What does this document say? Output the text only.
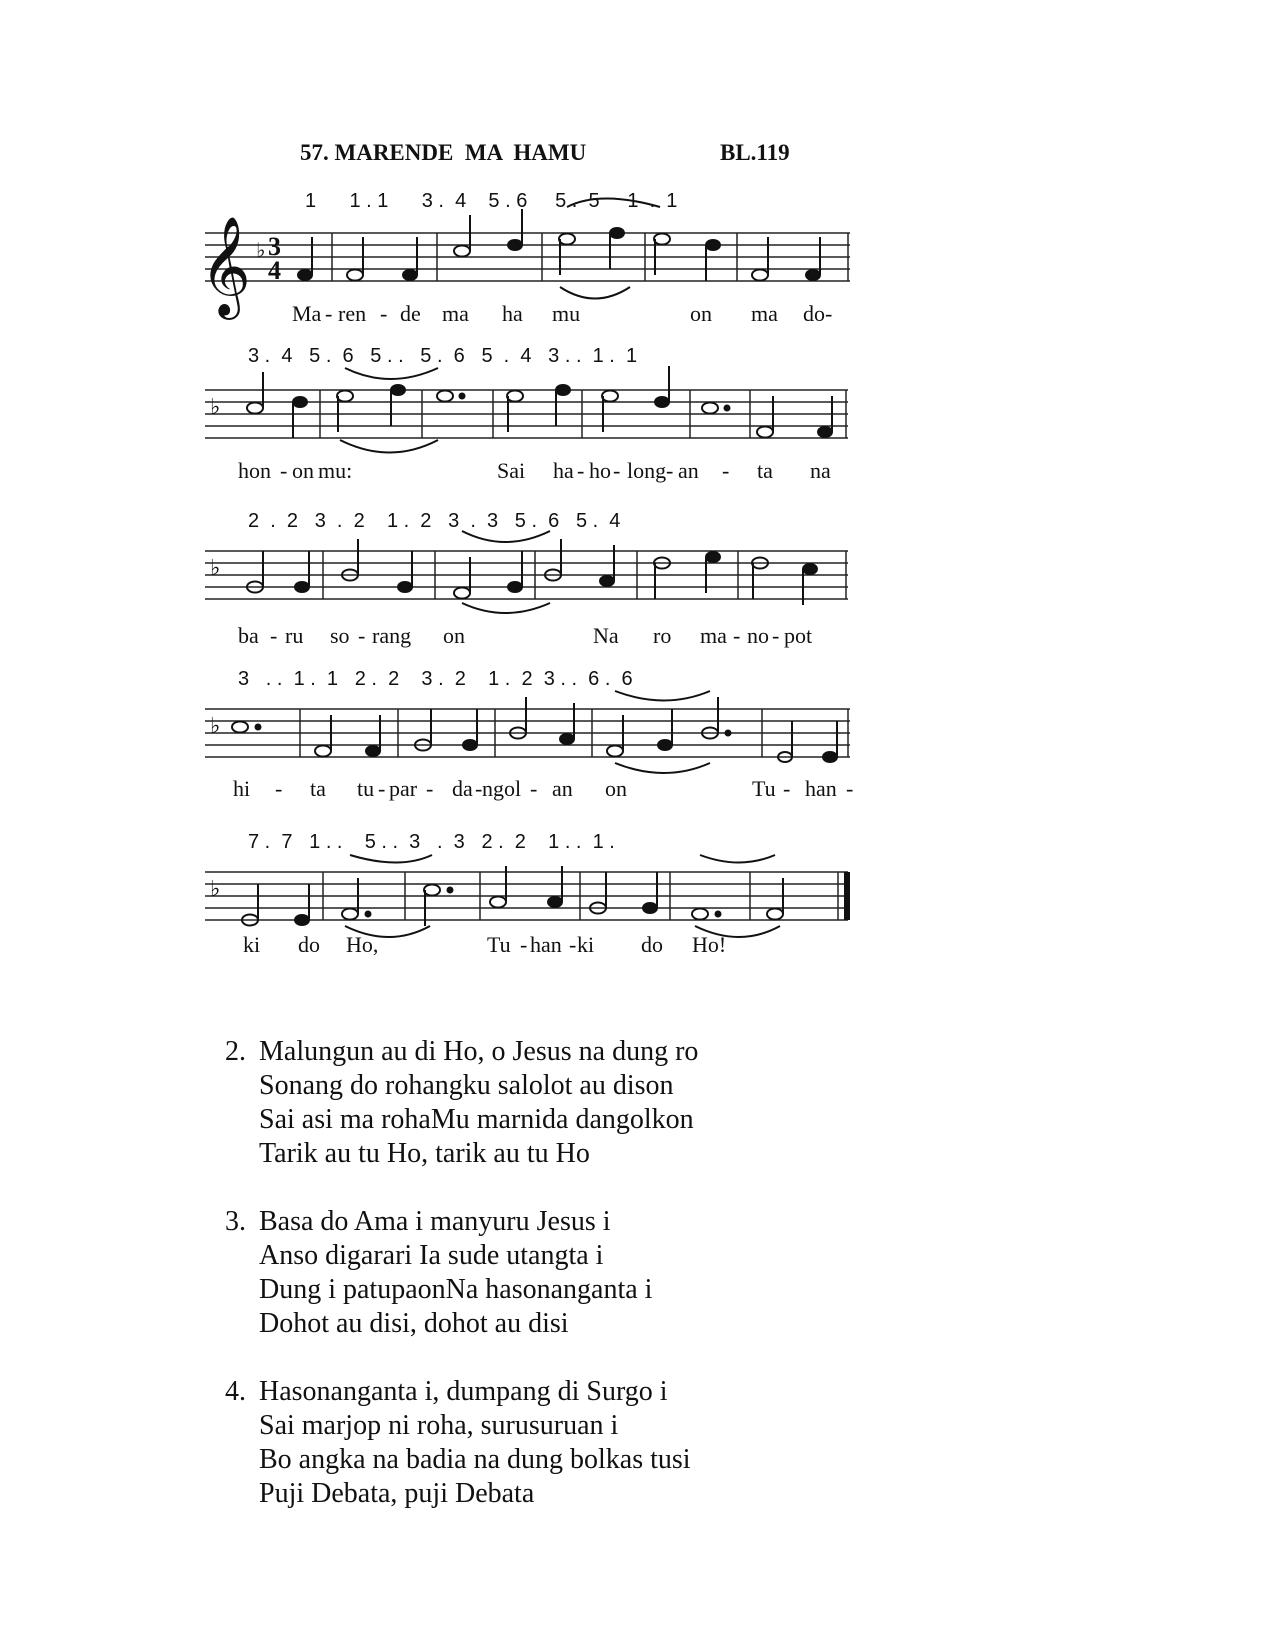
57. MARENDE  MA  HAMU	BL.119
𝄞 ♭ 3
4
1      1 . 1      3 .  4    5 . 6     5 .  5     1  .  1
Ma - ren - de ma ha mu	on ma do-
♭
3 .  4   5 .  6   5 . .   5 .  6   5  .  4   3 . .  1 .  1
hon - on mu:	Sai ha - ho - long - an - ta na
♭
2  .  2   3  .  2    1 .  2   3  .  3   5 .  6   5 .  4
ba - ru so - rang on	Na ro ma - no - pot
♭
3   . .  1 .  1   2 .  2    3 .  2    1 .  2  3 . .  6 .  6
hi - ta tu - par - da - ngol - an on	Tu - han -
♭
7 .  7   1 . .    5 . .  3   .  3   2 .  2    1 . .  1 .
ki do Ho,	Tu - han - ki do Ho!
2. Malungun au di Ho, o Jesus na dung ro
Sonang do rohangku salolot au dison
Sai asi ma rohaMu marnida dangolkon
Tarik au tu Ho, tarik au tu Ho
3. Basa do Ama i manyuru Jesus i
Anso digarari Ia sude utangta i
Dung i patupaonNa hasonanganta i
Dohot au disi, dohot au disi
4. Hasonanganta i, dumpang di Surgo i
Sai marjop ni roha, surusuruan i
Bo angka na badia na dung bolkas tusi
Puji Debata, puji Debata
